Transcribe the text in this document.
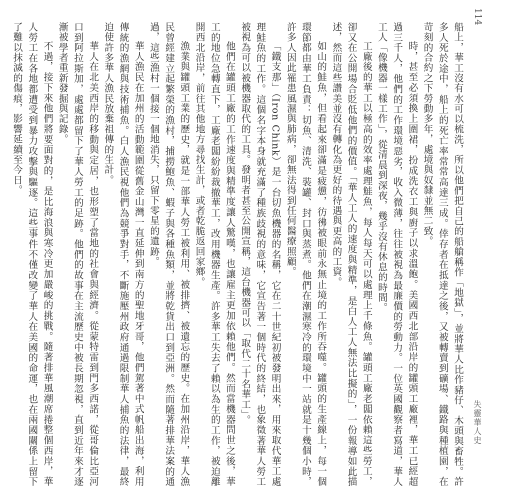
114
失靈華人史

船上，華工沒有水可以梳洗，所以他們把自己的船艙稱作「地獄」，並將華人比作豬仔、木頭與畜牲。許多人死於途中，船上的死亡率常常高達三成。倖存者在抵達之後，又被轉賣到礦場、鐵路與種植園，在苛刻的合約之下勞動多年，處境與奴隸並無二致。

時，甚至必須換上圍裙，扮成洗衣工與廚子以求溫飽。美國西北部沿岸的罐頭工廠裡，華工已經超過三千人，他們的工作環境惡劣，收入微薄，往往被視為最廉價的勞動力。一位英國觀察者寫道，華人工人「像機器一樣工作」，從清晨到深夜，幾乎沒有休息的時間。

工廠後的華工以極高的效率處理鮭魚，每人每天可以處理上千條魚。罐頭工廠老闆依賴這些勞工，卻又在公開場合貶低他們的價值。「華人工人的速度與精準，是白人工人無法比擬的」，一份報導如此描述，然而這些讚美並沒有轉化為更好的待遇與更高的工資。

如山的鮭魚，但看起來卻滿是疲憊，彷彿被眼前永無止境的工作所吞噬。罐頭的生產線上，每一個環節都由華工負責：切魚、清洗、裝罐、封口與蒸煮。他們在潮濕寒冷的環境中一站就是十幾個小時，許多人因此罹患風濕與肺病，卻無法得到任何醫療照顧。

「鐵支那」（Iron Chink）是一台切魚機器的名稱，它在二十世紀初被發明出來，用來取代華工處理鮭魚的工作。這個名字本身就充滿了種族歧視的意味，它宣告著一個時代的終結，也象徵著華人勞工被視為可以被機器取代的工具。發明者甚至公開宣稱，這台機器可以「取代二十名華工」。

他們在罐頭工廠的工作速度與精準度讓人驚嘆，也讓雇主更加依賴他們。然而當機器問世之後，華工的地位急轉直下，工廠老闆紛紛裁撤華工，改用機器生產。許多華工失去了賴以為生的工作，被迫離開西北沿岸，前往其他地方尋找生計，或者乾脆返回家鄉。

漁業與罐頭工業的歷史，就是一部華人勞工被利用、被排擠、被遺忘的歷史。在加州沿岸，華人漁民曾經建立起繁榮的漁村，捕撈鮑魚、蝦子與各種魚類，並將乾貨出口到亞洲。然而隨著排華法案的通過，這些漁村一個接一個地消失，只留下零星的遺跡。

華人漁民在加州的活動範圍從舊金山灣一直延伸到南方的聖地牙哥，他們駕著中式帆船出海，利用傳統的漁網與技術捕魚。白人漁民視他們為競爭對手，不斷施壓州政府通過限制華人捕魚的法律，最終迫使許多華人漁民放棄祖傳的生計。

華人在北美西岸的移動與定居，也形塑了當地的社會與經濟。從蒙特雷到門多西諾，從哥倫比亞河口到阿拉斯加，處處都留下了華人勞工的足跡。他們的故事在主流歷史中被長期忽視，直到近年來才逐漸被學者重新發掘與記錄。

不過，接下來他們將要面對的，是比海浪與寒冷更加嚴峻的挑戰。隨著排華風潮席捲整個西岸，華人勞工在各地都遭受到暴力攻擊與驅逐。這些事件不僅改變了華人在美國的命運，也在兩國關係上留下了難以抹滅的傷痕，影響延續至今日。
